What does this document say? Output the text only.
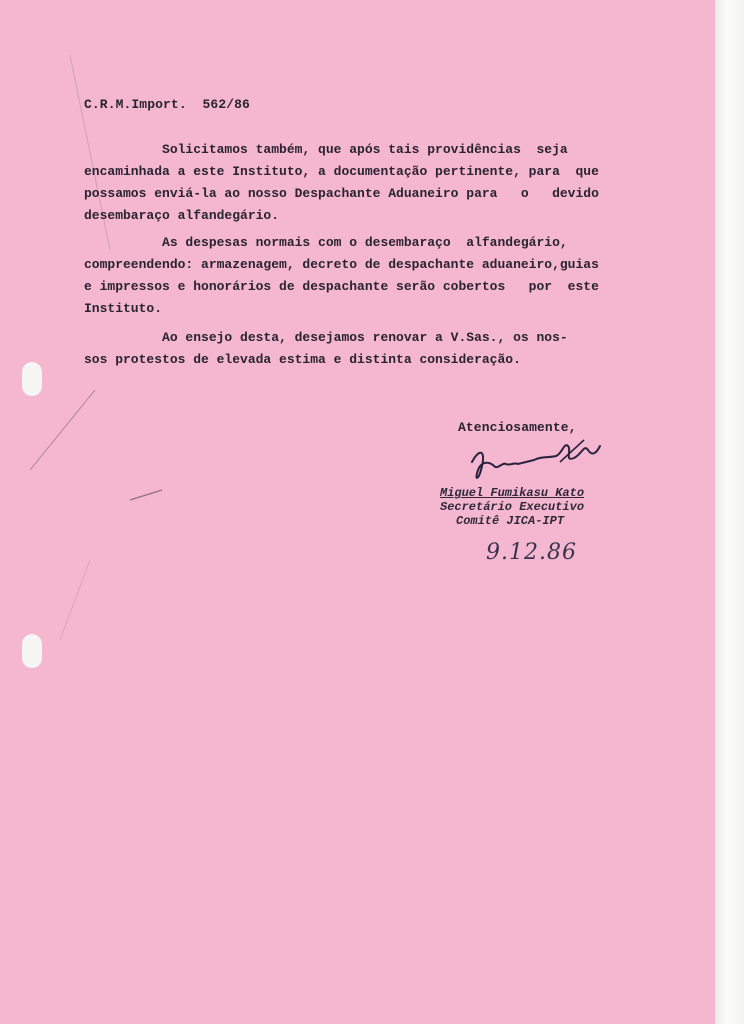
C.R.M.Import.  562/86
Solicitamos também, que após tais providências  seja
encaminhada a este Instituto, a documentação pertinente, para  que
possamos enviá-la ao nosso Despachante Aduaneiro para   o   devido
desembaraço alfandegário.
As despesas normais com o desembaraço  alfandegário,
compreendendo: armazenagem, decreto de despachante aduaneiro,guias
e impressos e honorários de despachante serão cobertos   por  este
Instituto.
Ao ensejo desta, desejamos renovar a V.Sas., os nos-
sos protestos de elevada estima e distinta consideração.
Atenciosamente,
Miguel Fumikasu Kato
Secretário Executivo
Comitê JICA-IPT
9.12.86
